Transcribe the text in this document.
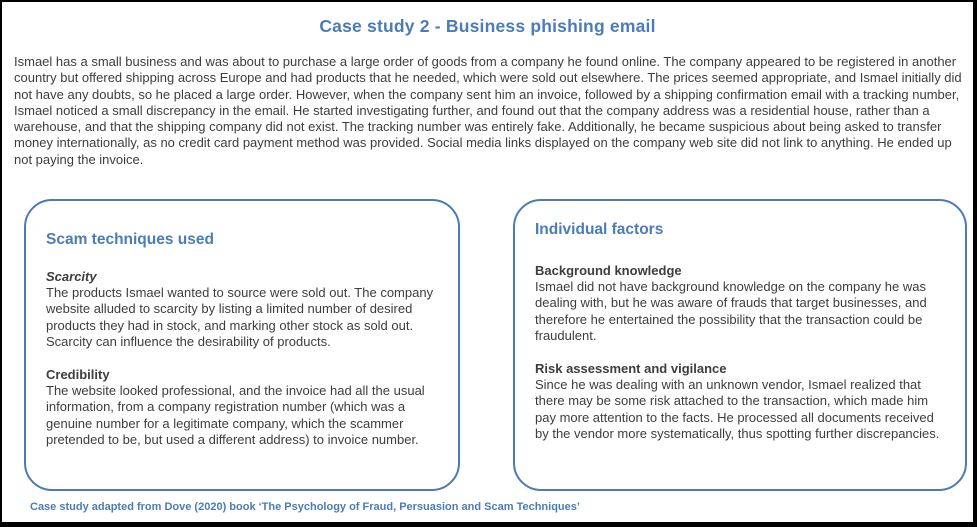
Case study 2 - Business phishing email
Ismael has a small business and was about to purchase a large order of goods from a company he found online. The company appeared to be registered in another country but offered shipping across Europe and had products that he needed, which were sold out elsewhere. The prices seemed appropriate, and Ismael initially did not have any doubts, so he placed a large order. However, when the company sent him an invoice, followed by a shipping confirmation email with a tracking number, Ismael noticed a small discrepancy in the email. He started investigating further, and found out that the company address was a residential house, rather than a warehouse, and that the shipping company did not exist. The tracking number was entirely fake. Additionally, he became suspicious about being asked to transfer money internationally, as no credit card payment method was provided. Social media links displayed on the company web site did not link to anything. He ended up not paying the invoice.
Scam techniques used
Scarcity
The products Ismael wanted to source were sold out. The company website alluded to scarcity by listing a limited number of desired products they had in stock, and marking other stock as sold out. Scarcity can influence the desirability of products.
Credibility
The website looked professional, and the invoice had all the usual information, from a company registration number (which was a genuine number for a legitimate company, which the scammer pretended to be, but used a different address) to invoice number.
Individual factors
Background knowledge
Ismael did not have background knowledge on the company he was dealing with, but he was aware of frauds that target businesses, and therefore he entertained the possibility that the transaction could be fraudulent.
Risk assessment and vigilance
Since he was dealing with an unknown vendor, Ismael realized that there may be some risk attached to the transaction, which made him pay more attention to the facts. He processed all documents received by the vendor more systematically, thus spotting further discrepancies.
Case study adapted from Dove (2020) book ‘The Psychology of Fraud, Persuasion and Scam Techniques’
